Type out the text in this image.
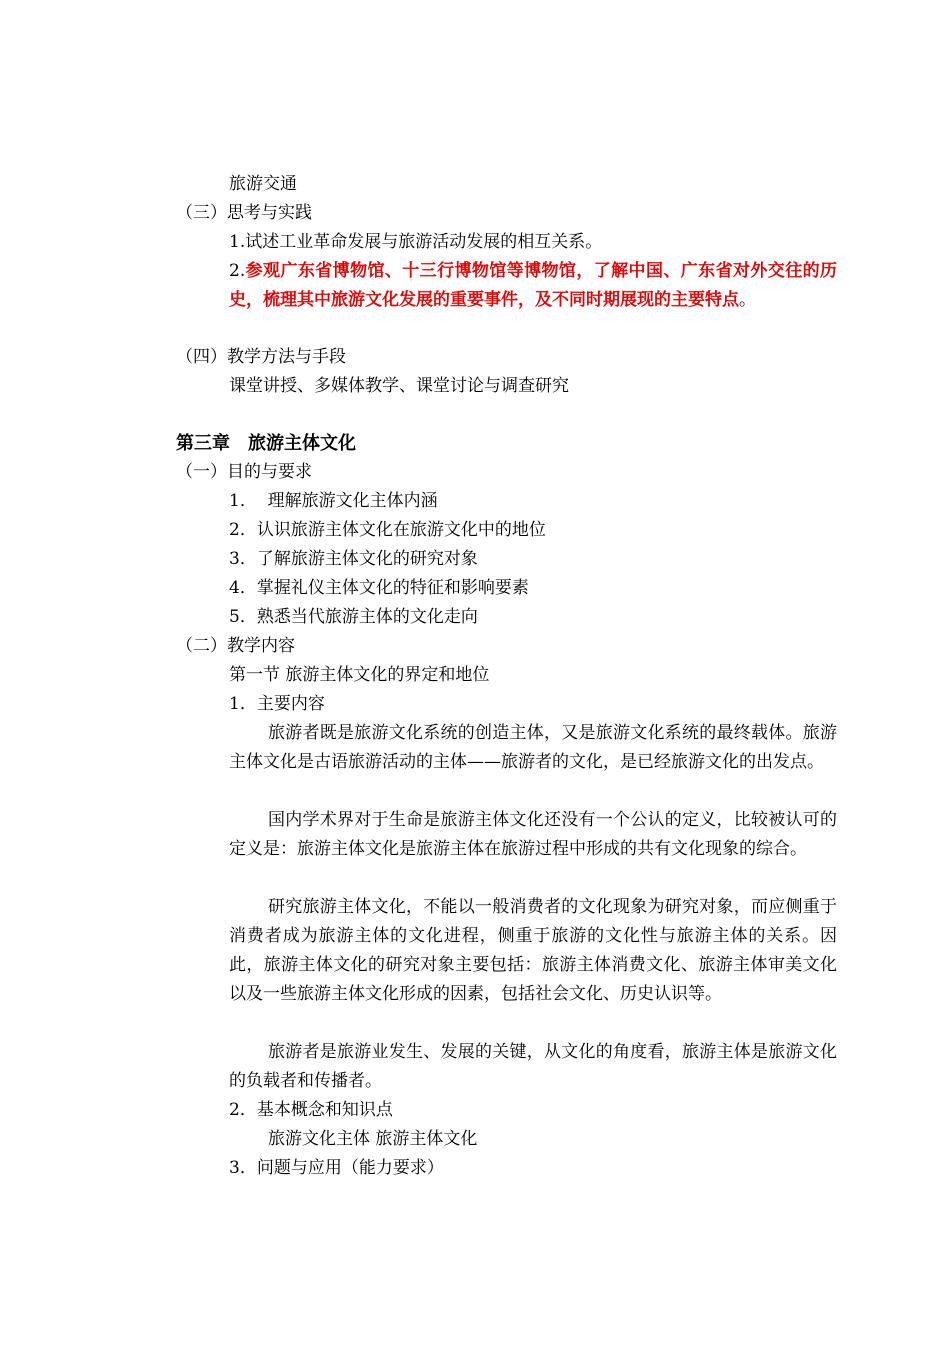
旅游交通
（三）思考与实践
1.试述工业革命发展与旅游活动发展的相互关系。
2.参观广东省博物馆、十三行博物馆等博物馆，了解中国、广东省对外交往的历史，梳理其中旅游文化发展的重要事件，及不同时期展现的主要特点。
（四）教学方法与手段
课堂讲授、多媒体教学、课堂讨论与调查研究
第三章　旅游主体文化
（一）目的与要求
1．  理解旅游文化主体内涵
2．认识旅游主体文化在旅游文化中的地位
3．了解旅游主体文化的研究对象
4．掌握礼仪主体文化的特征和影响要素
5．熟悉当代旅游主体的文化走向
（二）教学内容
第一节 旅游主体文化的界定和地位
1．主要内容
旅游者既是旅游文化系统的创造主体，又是旅游文化系统的最终载体。旅游主体文化是古语旅游活动的主体——旅游者的文化，是已经旅游文化的出发点。
国内学术界对于生命是旅游主体文化还没有一个公认的定义，比较被认可的定义是：旅游主体文化是旅游主体在旅游过程中形成的共有文化现象的综合。
研究旅游主体文化，不能以一般消费者的文化现象为研究对象，而应侧重于消费者成为旅游主体的文化进程，侧重于旅游的文化性与旅游主体的关系。因此，旅游主体文化的研究对象主要包括：旅游主体消费文化、旅游主体审美文化以及一些旅游主体文化形成的因素，包括社会文化、历史认识等。
旅游者是旅游业发生、发展的关键，从文化的角度看，旅游主体是旅游文化的负载者和传播者。
2．基本概念和知识点
旅游文化主体 旅游主体文化
3．问题与应用（能力要求）
